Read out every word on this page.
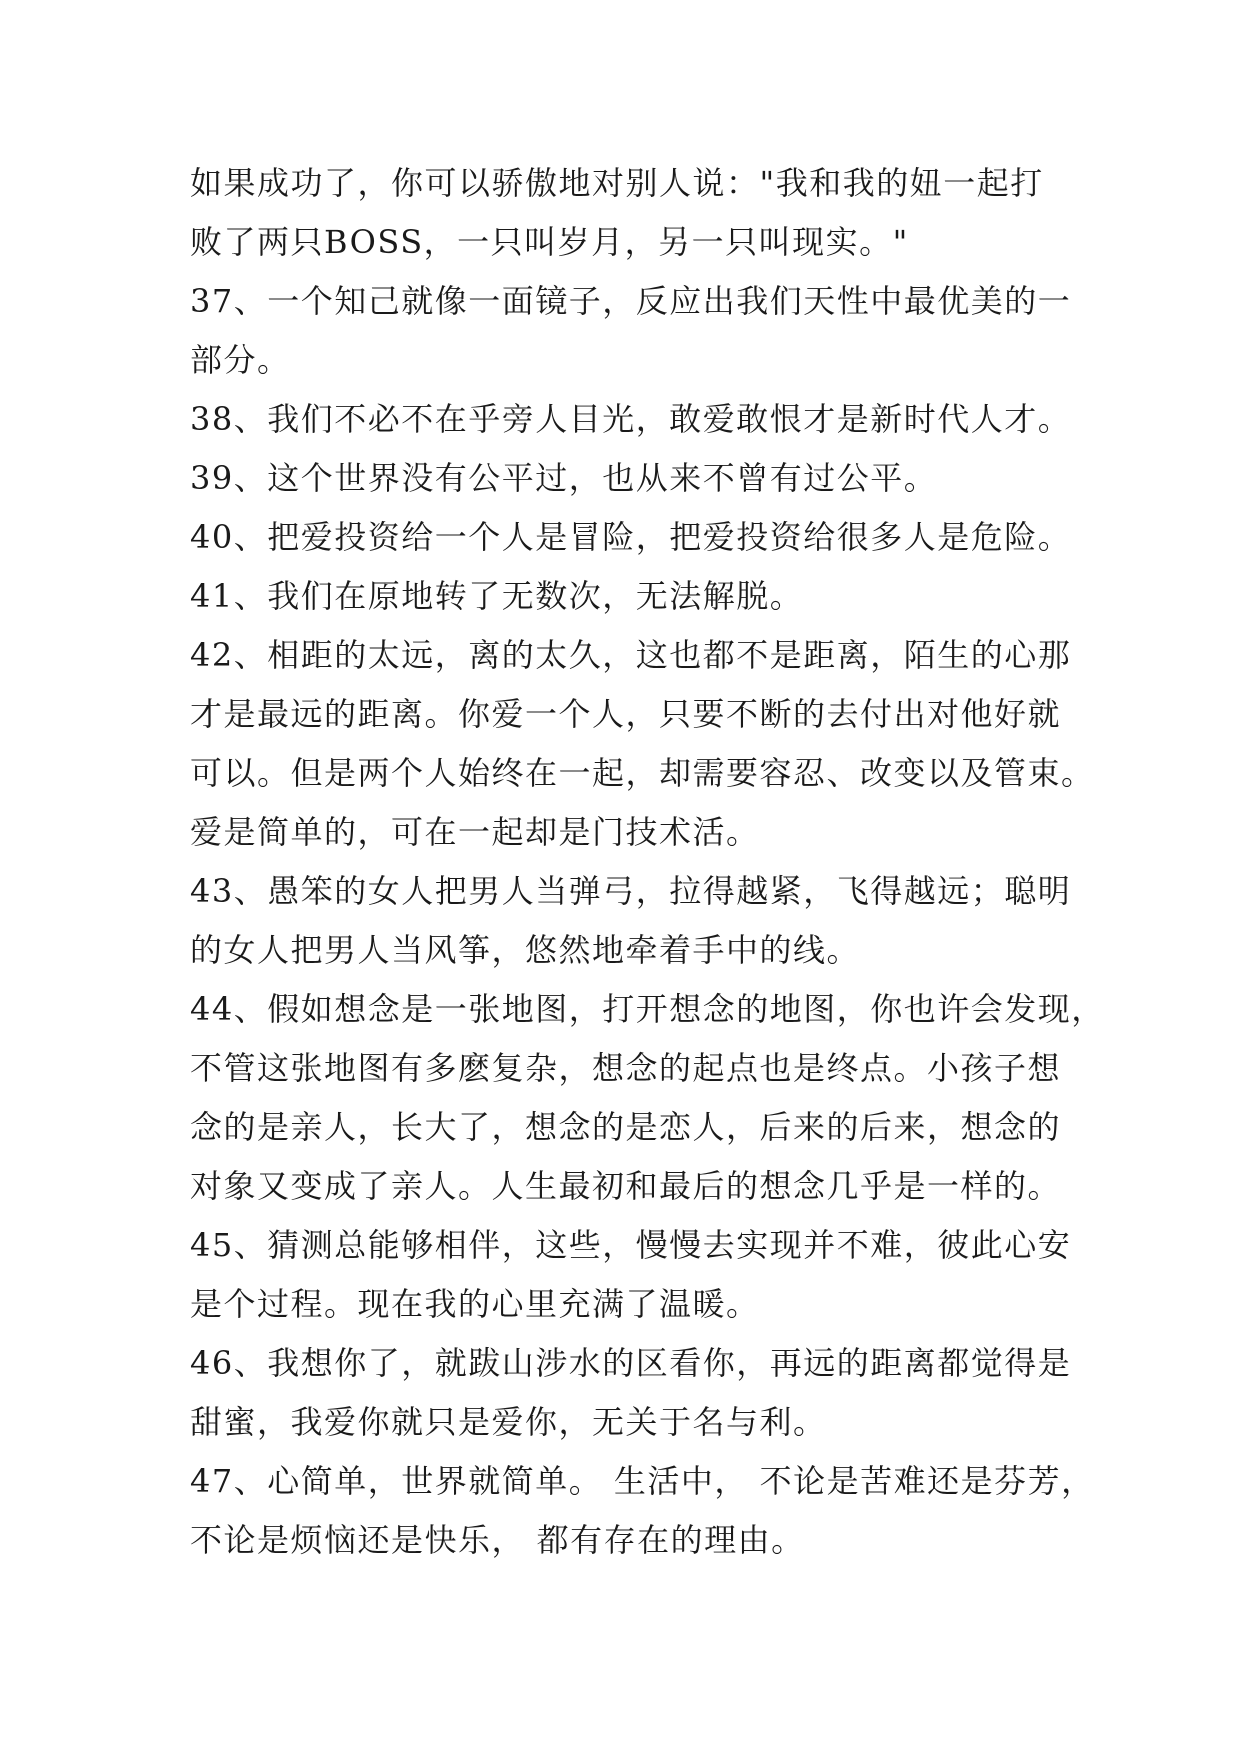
如果成功了，你可以骄傲地对别人说："我和我的妞一起打
败了两只BOSS，一只叫岁月，另一只叫现实。"
37、一个知己就像一面镜子，反应出我们天性中最优美的一
部分。
38、我们不必不在乎旁人目光，敢爱敢恨才是新时代人才。
39、这个世界没有公平过，也从来不曾有过公平。
40、把爱投资给一个人是冒险，把爱投资给很多人是危险。
41、我们在原地转了无数次，无法解脱。
42、相距的太远，离的太久，这也都不是距离，陌生的心那
才是最远的距离。你爱一个人，只要不断的去付出对他好就
可以。但是两个人始终在一起，却需要容忍、改变以及管束。
爱是简单的，可在一起却是门技术活。
43、愚笨的女人把男人当弹弓，拉得越紧，飞得越远；聪明
的女人把男人当风筝，悠然地牵着手中的线。
44、假如想念是一张地图，打开想念的地图，你也许会发现，
不管这张地图有多麽复杂，想念的起点也是终点。小孩子想
念的是亲人，长大了，想念的是恋人，后来的后来，想念的
对象又变成了亲人。人生最初和最后的想念几乎是一样的。
45、猜测总能够相伴，这些，慢慢去实现并不难，彼此心安
是个过程。现在我的心里充满了温暖。
46、我想你了，就跋山涉水的区看你，再远的距离都觉得是
甜蜜，我爱你就只是爱你，无关于名与利。
47、心简单，世界就简单。 生活中， 不论是苦难还是芬芳，
不论是烦恼还是快乐， 都有存在的理由。
